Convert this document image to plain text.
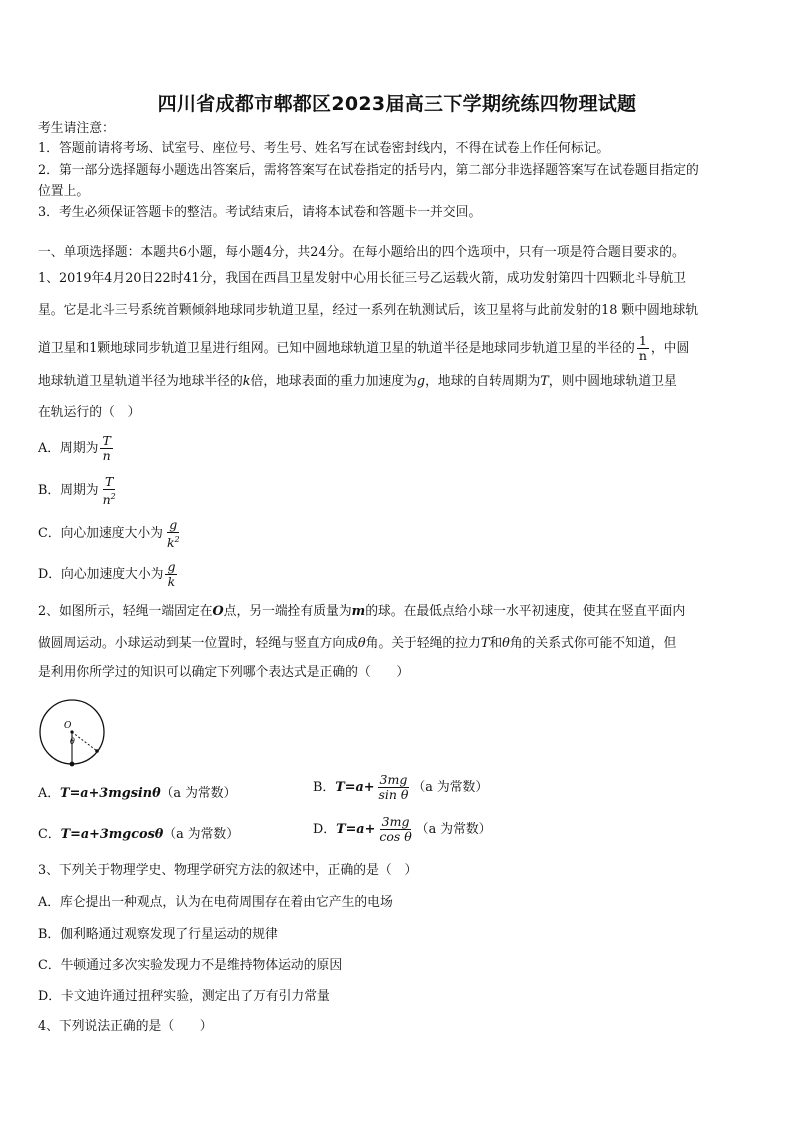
四川省成都市郫都区2023届高三下学期统练四物理试题
考生请注意：
1．答题前请将考场、试室号、座位号、考生号、姓名写在试卷密封线内，不得在试卷上作任何标记。
2．第一部分选择题每小题选出答案后，需将答案写在试卷指定的括号内，第二部分非选择题答案写在试卷题目指定的
位置上。
3．考生必须保证答题卡的整洁。考试结束后，请将本试卷和答题卡一并交回。
一、单项选择题：本题共6小题，每小题4分，共24分。在每小题给出的四个选项中，只有一项是符合题目要求的。
1、2019年4月20日22时41分，我国在西昌卫星发射中心用长征三号乙运载火箭，成功发射第四十四颗北斗导航卫
星。它是北斗三号系统首颗倾斜地球同步轨道卫星，经过一系列在轨测试后，该卫星将与此前发射的18 颗中圆地球轨
道卫星和1颗地球同步轨道卫星进行组网。已知中圆地球轨道卫星的轨道半径是地球同步轨道卫星的半径的 $\frac{1}{n}$ ，中圆
地球轨道卫星轨道半径为地球半径的k倍，地球表面的重力加速度为g，地球的自转周期为T，则中圆地球轨道卫星
在轨运行的（　）
A．周期为 $\frac{T}{n}$
B．周期为 $\frac{T}{n^2}$
C．向心加速度大小为 $\frac{g}{k^2}$
D．向心加速度大小为 $\frac{g}{k}$
2、如图所示，轻绳一端固定在O点，另一端拴有质量为m的球。在最低点给小球一水平初速度，使其在竖直平面内
做圆周运动。小球运动到某一位置时，轻绳与竖直方向成θ角。关于轻绳的拉力T和θ角的关系式你可能不知道，但
是利用你所学过的知识可以确定下列哪个表达式是正确的（　　）
O
θ
A．T=a+3mgsinθ（a 为常数）	B． $T=a+ \frac{3mg}{\text{sin θ}} (a$ 为常数）
C．T=a+3mgcosθ（a 为常数）	D． $T=a+ \frac{3mg}{\text{cos θ}} (a$ 为常数）
3、下列关于物理学史、物理学研究方法的叙述中，正确的是（　）
A．库仑提出一种观点，认为在电荷周围存在着由它产生的电场
B．伽利略通过观察发现了行星运动的规律
C．牛顿通过多次实验发现力不是维持物体运动的原因
D．卡文迪许通过扭秤实验，测定出了万有引力常量
4、下列说法正确的是（　　）
